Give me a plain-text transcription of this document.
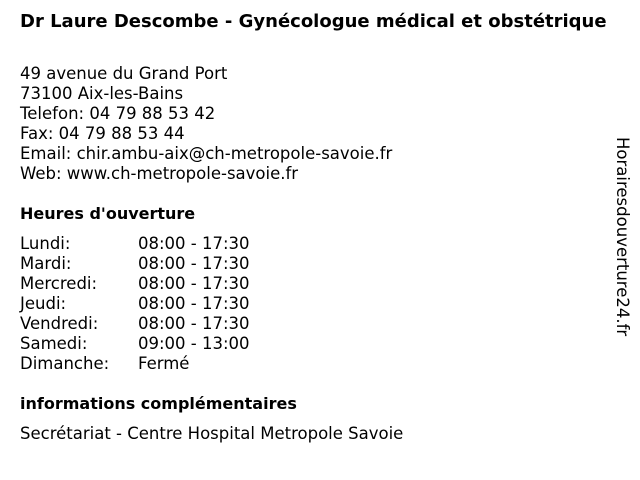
Dr Laure Descombe - Gynécologue médical et obstétrique
49 avenue du Grand Port
73100 Aix-les-Bains
Telefon: 04 79 88 53 42
Fax: 04 79 88 53 44
Email: chir.ambu-aix@ch-metropole-savoie.fr
Web: www.ch-metropole-savoie.fr
Heures d'ouverture
Lundi:	08:00 - 17:30
Mardi:	08:00 - 17:30
Mercredi:	08:00 - 17:30
Jeudi:	08:00 - 17:30
Vendredi:	08:00 - 17:30
Samedi:	09:00 - 13:00
Dimanche:	Fermé
informations complémentaires
Secrétariat - Centre Hospital Metropole Savoie
Horairesdouverture24.fr
